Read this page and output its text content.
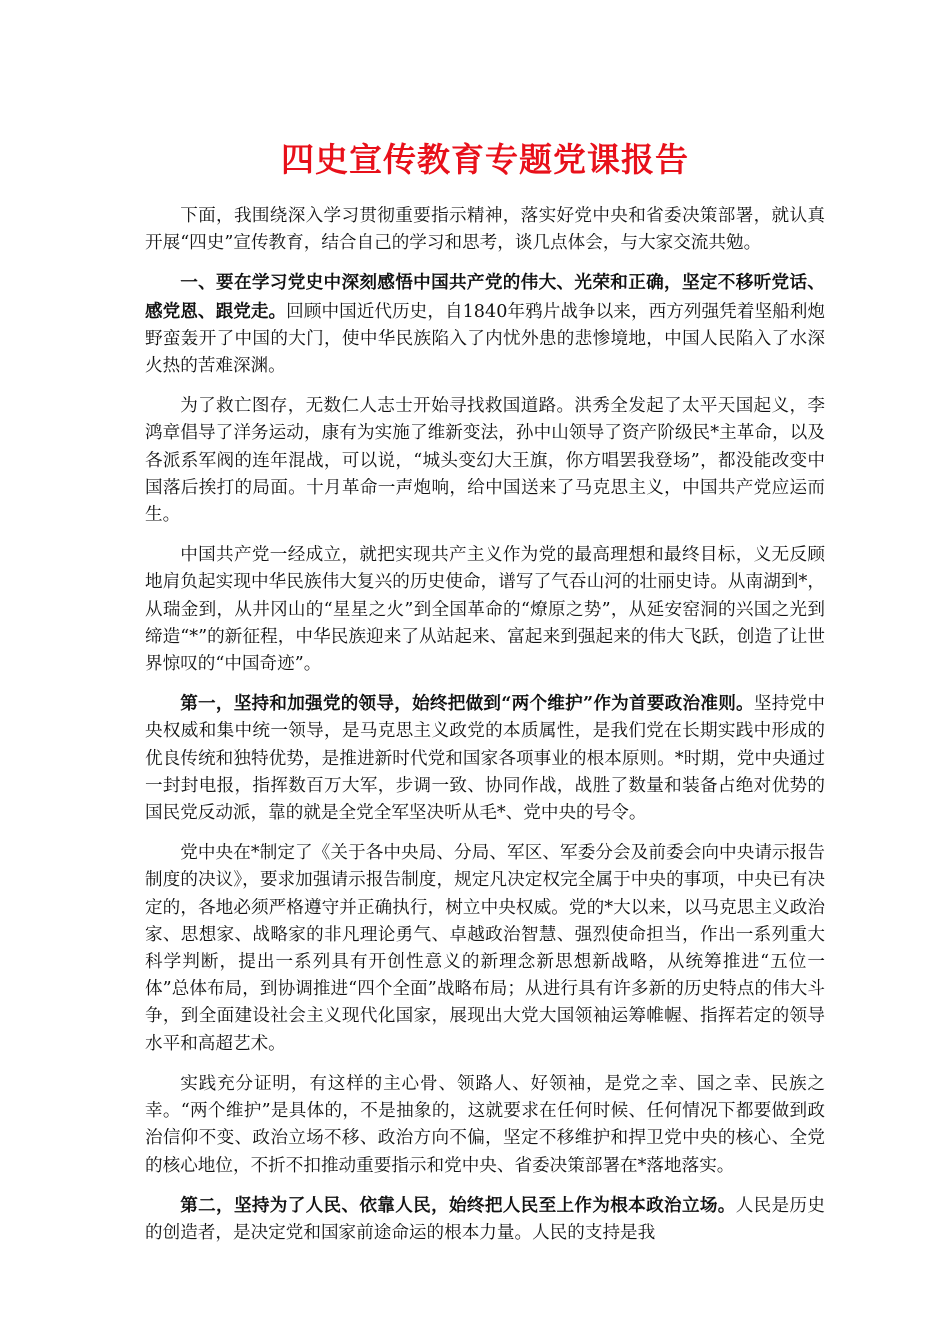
四史宣传教育专题党课报告

下面，我围绕深入学习贯彻重要指示精神，落实好党中央和省委决策部署，就认真开展“四史”宣传教育，结合自己的学习和思考，谈几点体会，与大家交流共勉。

一、要在学习党史中深刻感悟中国共产党的伟大、光荣和正确，坚定不移听党话、感党恩、跟党走。回顾中国近代历史，自1840年鸦片战争以来，西方列强凭着坚船利炮野蛮轰开了中国的大门，使中华民族陷入了内忧外患的悲惨境地，中国人民陷入了水深火热的苦难深渊。

为了救亡图存，无数仁人志士开始寻找救国道路。洪秀全发起了太平天国起义，李鸿章倡导了洋务运动，康有为实施了维新变法，孙中山领导了资产阶级民*主革命，以及各派系军阀的连年混战，可以说，“城头变幻大王旗，你方唱罢我登场”，都没能改变中国落后挨打的局面。十月革命一声炮响，给中国送来了马克思主义，中国共产党应运而生。

中国共产党一经成立，就把实现共产主义作为党的最高理想和最终目标，义无反顾地肩负起实现中华民族伟大复兴的历史使命，谱写了气吞山河的壮丽史诗。从南湖到*，从瑞金到，从井冈山的“星星之火”到全国革命的“燎原之势”，从延安窑洞的兴国之光到缔造“*”的新征程，中华民族迎来了从站起来、富起来到强起来的伟大飞跃，创造了让世界惊叹的“中国奇迹”。

第一，坚持和加强党的领导，始终把做到“两个维护”作为首要政治准则。坚持党中央权威和集中统一领导，是马克思主义政党的本质属性，是我们党在长期实践中形成的优良传统和独特优势，是推进新时代党和国家各项事业的根本原则。*时期，党中央通过一封封电报，指挥数百万大军，步调一致、协同作战，战胜了数量和装备占绝对优势的国民党反动派，靠的就是全党全军坚决听从毛*、党中央的号令。

党中央在*制定了《关于各中央局、分局、军区、军委分会及前委会向中央请示报告制度的决议》，要求加强请示报告制度，规定凡决定权完全属于中央的事项，中央已有决定的，各地必须严格遵守并正确执行，树立中央权威。党的*大以来，以马克思主义政治家、思想家、战略家的非凡理论勇气、卓越政治智慧、强烈使命担当，作出一系列重大科学判断，提出一系列具有开创性意义的新理念新思想新战略，从统筹推进“五位一体”总体布局，到协调推进“四个全面”战略布局；从进行具有许多新的历史特点的伟大斗争，到全面建设社会主义现代化国家，展现出大党大国领袖运筹帷幄、指挥若定的领导水平和高超艺术。

实践充分证明，有这样的主心骨、领路人、好领袖，是党之幸、国之幸、民族之幸。“两个维护”是具体的，不是抽象的，这就要求在任何时候、任何情况下都要做到政治信仰不变、政治立场不移、政治方向不偏，坚定不移维护和捍卫党中央的核心、全党的核心地位，不折不扣推动重要指示和党中央、省委决策部署在*落地落实。

第二，坚持为了人民、依靠人民，始终把人民至上作为根本政治立场。人民是历史的创造者，是决定党和国家前途命运的根本力量。人民的支持是我
